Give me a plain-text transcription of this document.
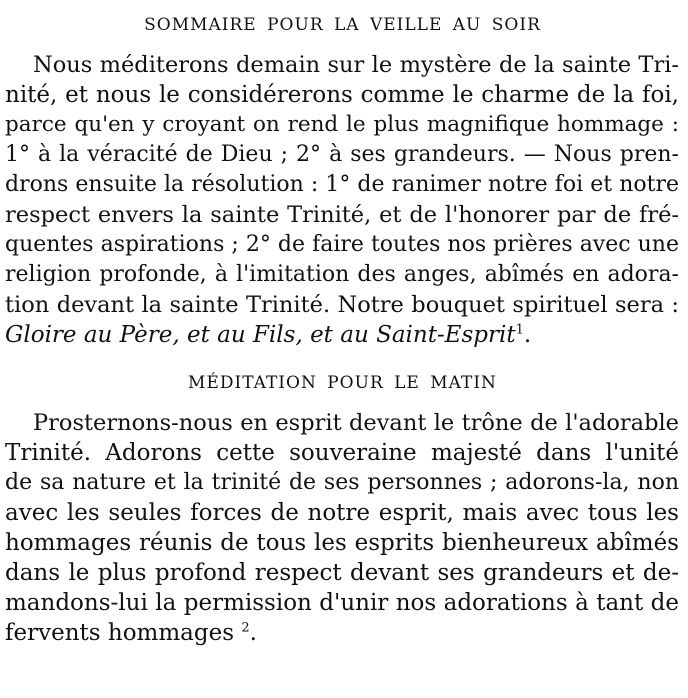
SOMMAIRE POUR LA VEILLE AU SOIR
Nous méditerons demain sur le mystère de la sainte Tri-
nité, et nous le considérerons comme le charme de la foi,
parce qu'en y croyant on rend le plus magnifique hommage :
1° à la véracité de Dieu ; 2° à ses grandeurs. — Nous pren-
drons ensuite la résolution : 1° de ranimer notre foi et notre
respect envers la sainte Trinité, et de l'honorer par de fré-
quentes aspirations ; 2° de faire toutes nos prières avec une
religion profonde, à l'imitation des anges, abîmés en adora-
tion devant la sainte Trinité. Notre bouquet spirituel sera :
Gloire au Père, et au Fils, et au Saint-Esprit$^1$.
MÉDITATION POUR LE MATIN
Prosternons-nous en esprit devant le trône de l'adorable
Trinité. Adorons cette souveraine majesté dans l'unité
de sa nature et la trinité de ses personnes ; adorons-la, non
avec les seules forces de notre esprit, mais avec tous les
hommages réunis de tous les esprits bienheureux abîmés
dans le plus profond respect devant ses grandeurs et de-
mandons-lui la permission d'unir nos adorations à tant de
fervents hommages $^2$.
